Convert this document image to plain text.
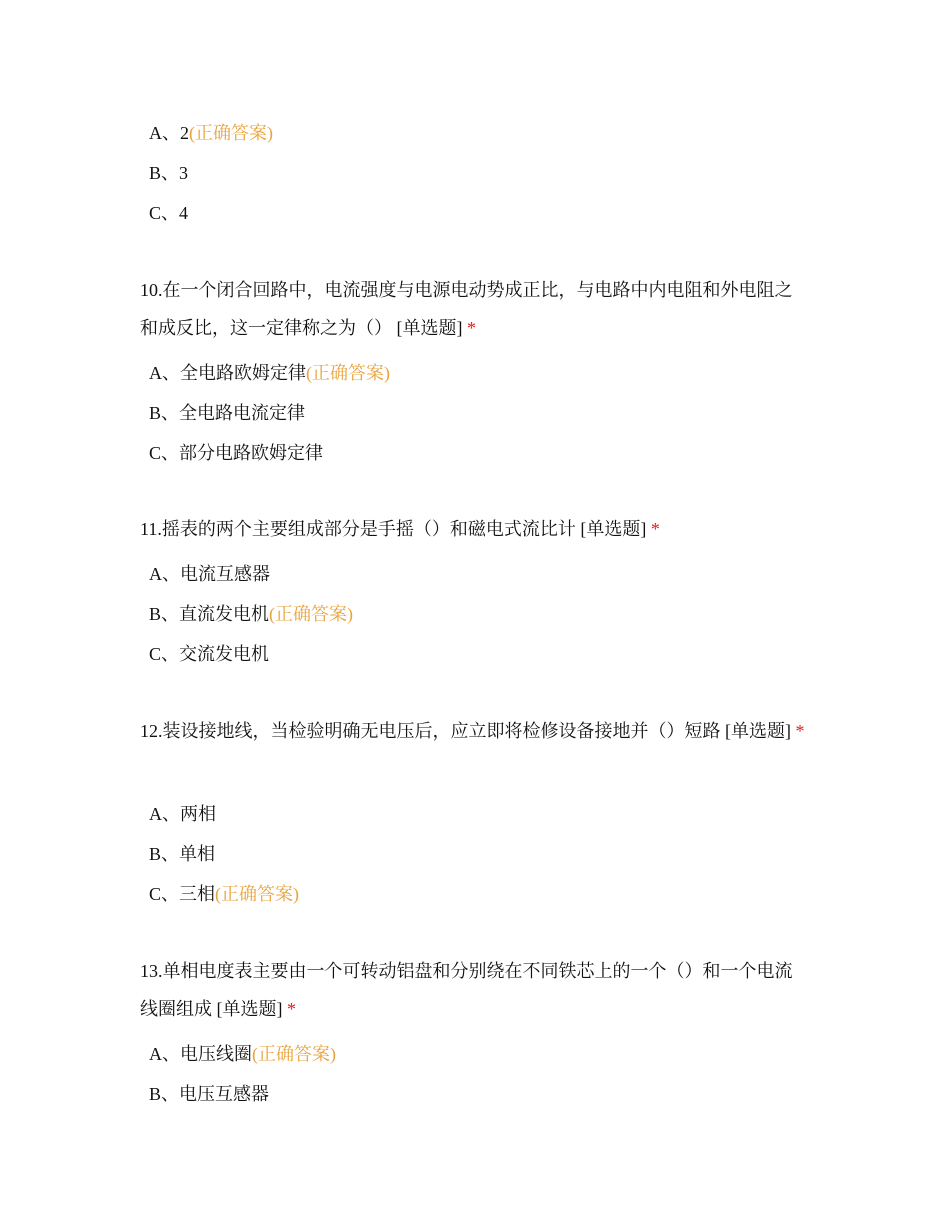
A、2(正确答案)
B、3
C、4
10.在一个闭合回路中，电流强度与电源电动势成正比，与电路中内电阻和外电阻之和成反比，这一定律称之为（） [单选题] *
A、全电路欧姆定律(正确答案)
B、全电路电流定律
C、部分电路欧姆定律
11.摇表的两个主要组成部分是手摇（）和磁电式流比计 [单选题] *
A、电流互感器
B、直流发电机(正确答案)
C、交流发电机
12.装设接地线，当检验明确无电压后，应立即将检修设备接地并（）短路 [单选题] *
A、两相
B、单相
C、三相(正确答案)
13.单相电度表主要由一个可转动铝盘和分别绕在不同铁芯上的一个（）和一个电流线圈组成 [单选题] *
A、电压线圈(正确答案)
B、电压互感器
